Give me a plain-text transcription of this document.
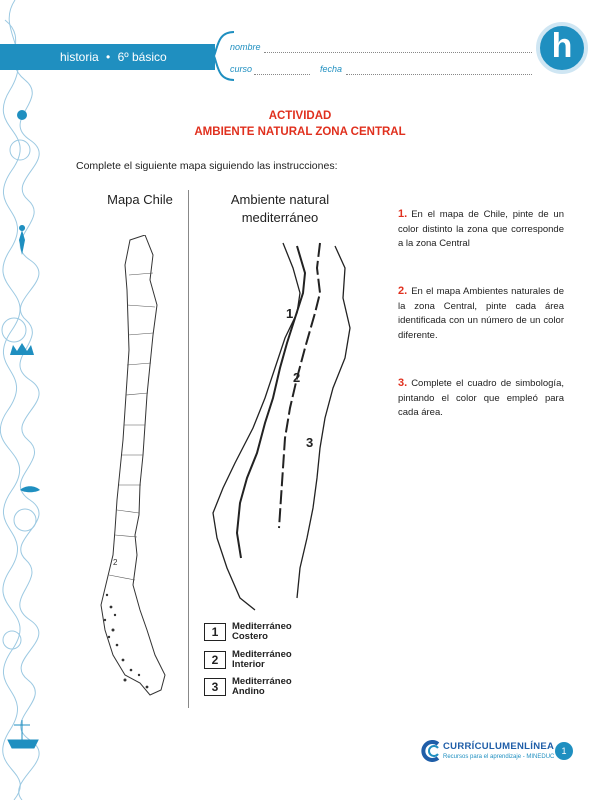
historia • 6º básico
nombre
curso	fecha
h
ACTIVIDAD
AMBIENTE NATURAL ZONA CENTRAL
Complete el siguiente mapa siguiendo las instrucciones:
Mapa Chile	Ambiente natural
mediterráneo
2
1
2
3
1	Mediterráneo
Costero
2	Mediterráneo
Interior
3	Mediterráneo
Andino
1. En el mapa de Chile, pinte de un color distinto la zona que corresponde a la zona Central
2. En el mapa Ambientes naturales de la zona Central, pinte cada área identificada con un número de un color diferente.
3. Complete el cuadro de simbología, pintando el color que empleó para cada área.
CURRÍCULUMENLÍNEA
Recursos para el aprendizaje - MINEDUC
1
